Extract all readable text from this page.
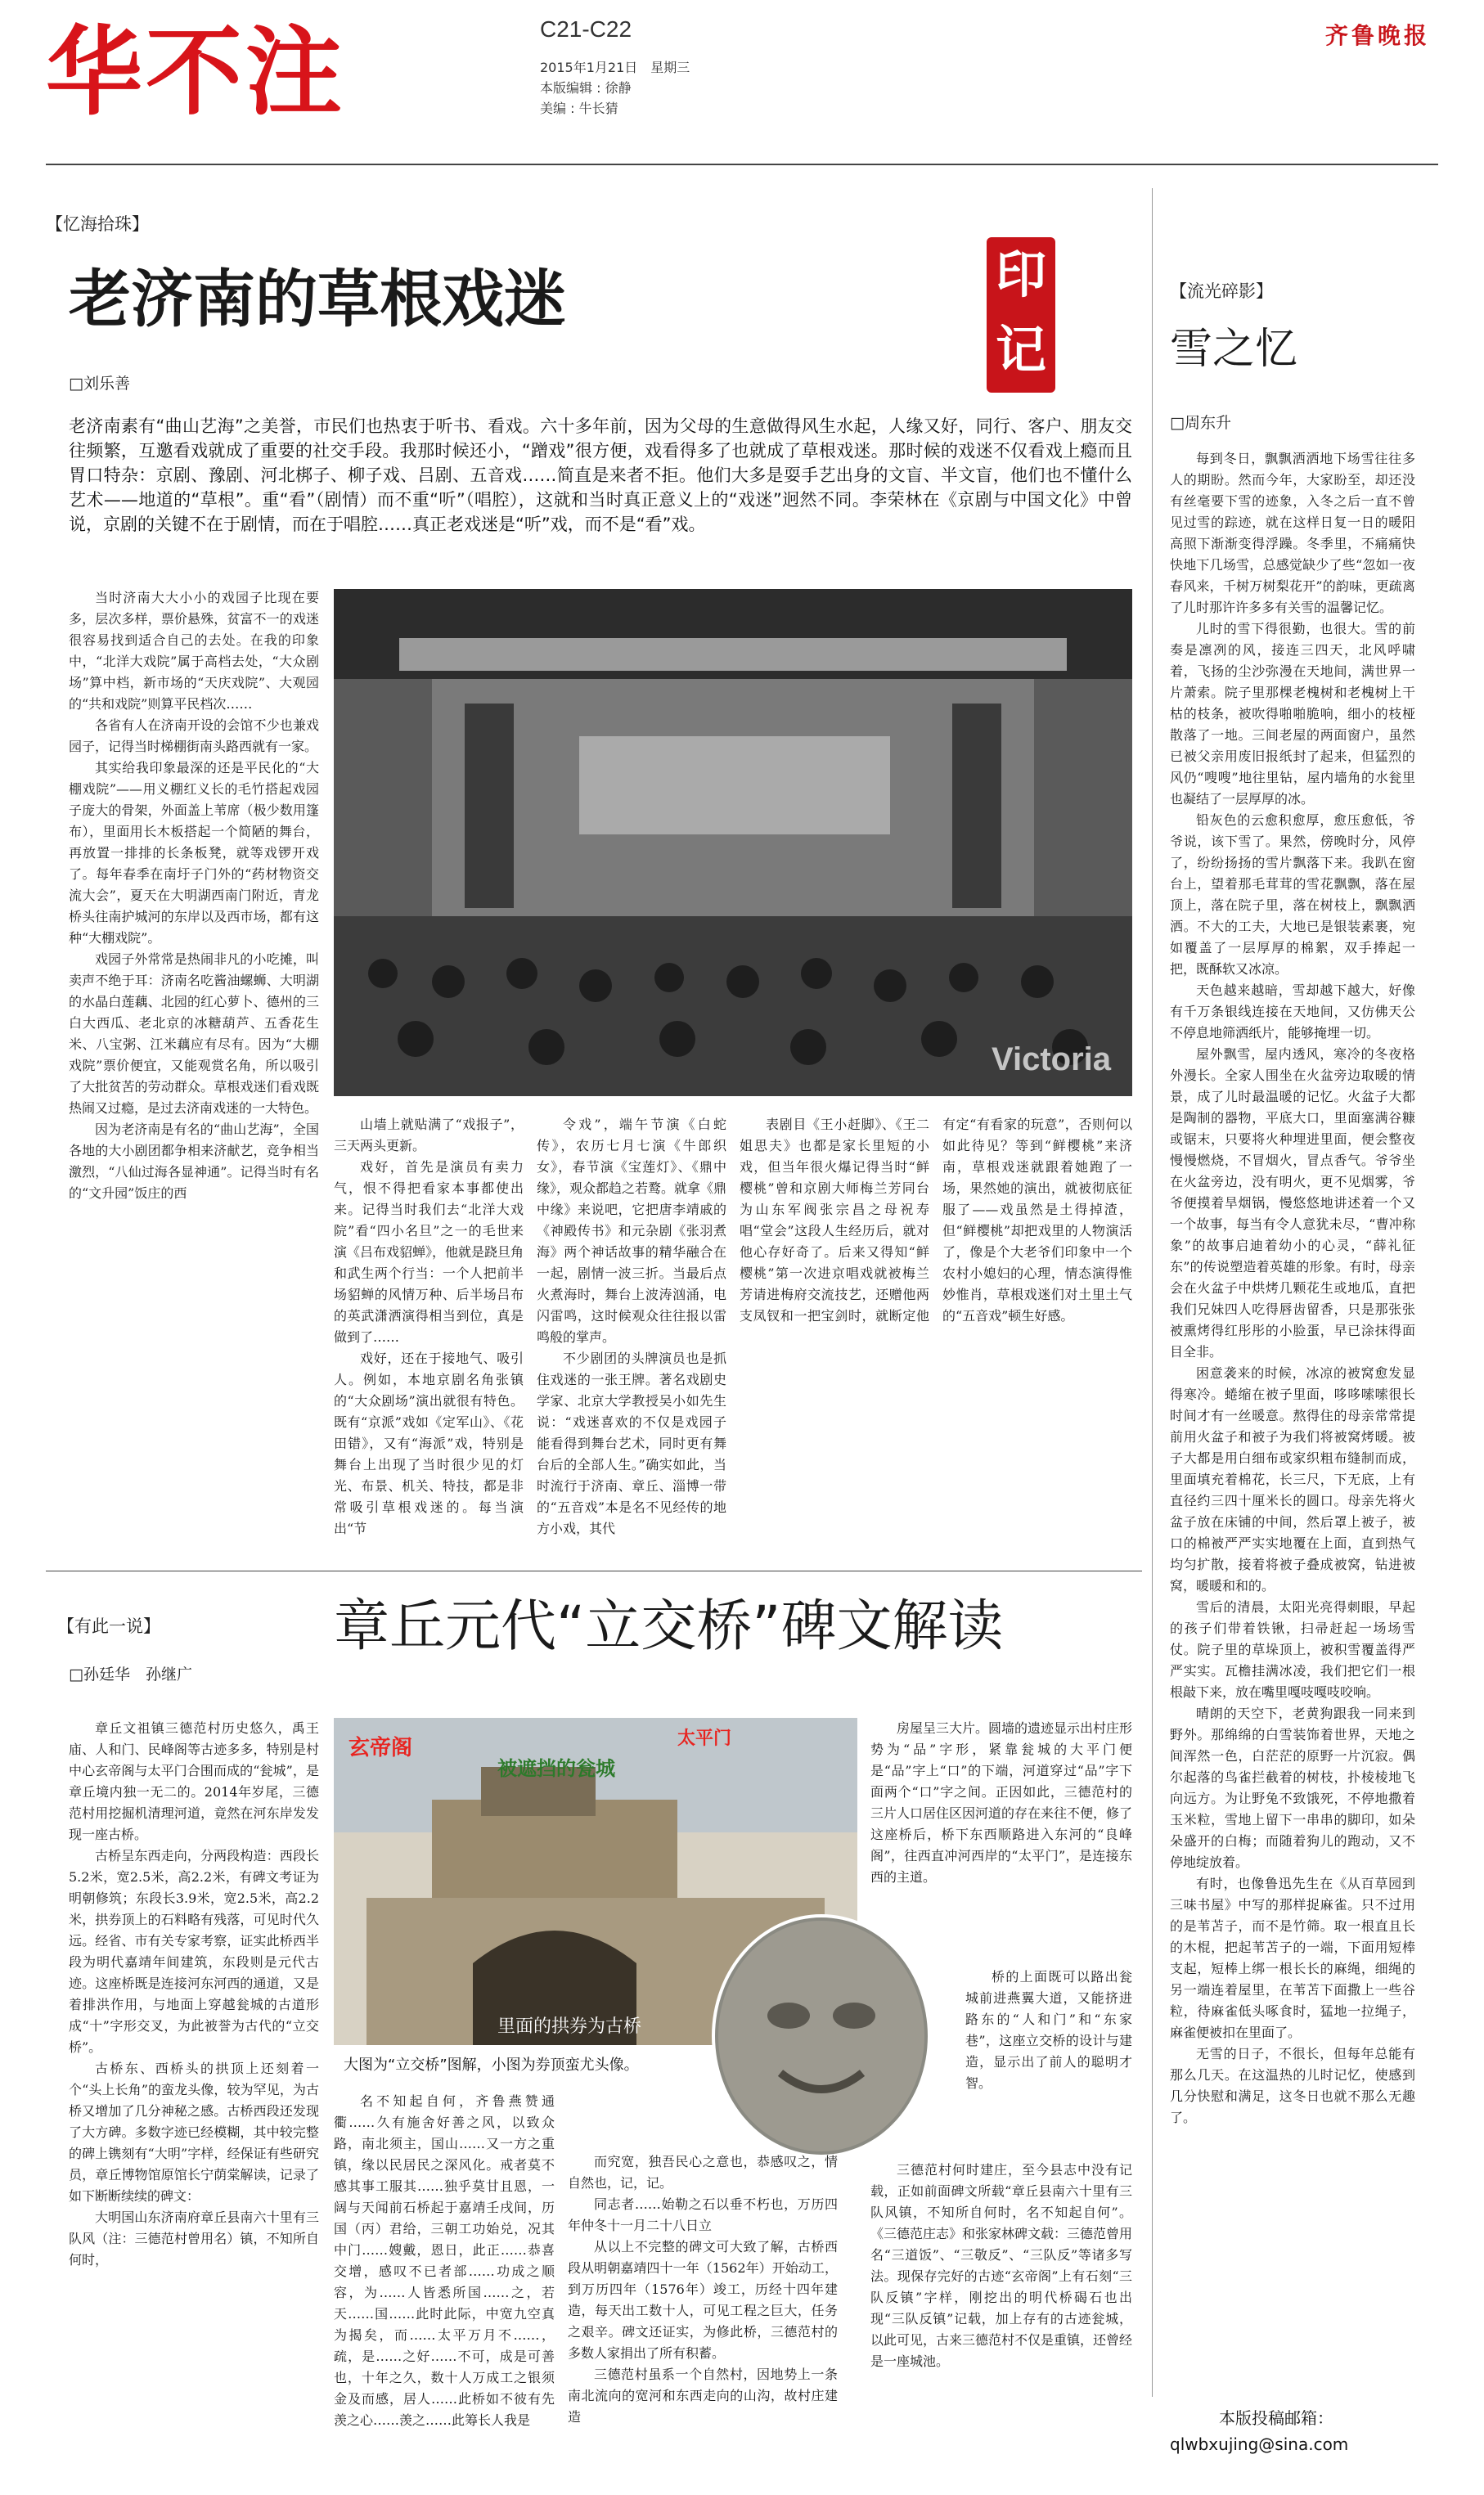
华不注	C21-C22
2015年1月21日　星期三
本版编辑 : 徐静
美编 : 牛长猜
齐鲁晚报
【忆海拾珠】
老济南的草根戏迷
□刘乐善
印记
老济南素有“曲山艺海”之美誉，市民们也热衷于听书、看戏。六十多年前，因为父母的生意做得风生水起，人缘又好，同行、客户、朋友交往频繁，互邀看戏就成了重要的社交手段。我那时候还小，“蹭戏”很方便，戏看得多了也就成了草根戏迷。那时候的戏迷不仅看戏上瘾而且胃口特杂：京剧、豫剧、河北梆子、柳子戏、吕剧、五音戏……简直是来者不拒。他们大多是耍手艺出身的文盲、半文盲，他们也不懂什么艺术——地道的“草根”。重“看”（剧情）而不重“听”（唱腔），这就和当时真正意义上的“戏迷”迥然不同。李荣林在《京剧与中国文化》中曾说，京剧的关键不在于剧情，而在于唱腔……真正老戏迷是“听”戏，而不是“看”戏。
Victoria

当时济南大大小小的戏园子比现在要多，层次多样，票价悬殊，贫富不一的戏迷很容易找到适合自己的去处。在我的印象中，“北洋大戏院”属于高档去处，“大众剧场”算中档，新市场的“天庆戏院”、大观园的“共和戏院”则算平民档次……

各省有人在济南开设的会馆不少也兼戏园子，记得当时梯棚街南头路西就有一家。

其实给我印象最深的还是平民化的“大棚戏院”——用义棚红义长的毛竹搭起戏园子庞大的骨架，外面盖上苇席（极少数用篷布），里面用长木板搭起一个简陋的舞台，再放置一排排的长条板凳，就等戏锣开戏了。每年春季在南圩子门外的“药材物资交流大会”，夏天在大明湖西南门附近，青龙桥头往南护城河的东岸以及西市场，都有这种“大棚戏院”。

戏园子外常常是热闹非凡的小吃摊，叫卖声不绝于耳：济南名吃酱油螺蛳、大明湖的水晶白莲藕、北园的红心萝卜、德州的三白大西瓜、老北京的冰糖葫芦、五香花生米、八宝粥、江米藕应有尽有。因为“大棚戏院”票价便宜，又能观赏名角，所以吸引了大批贫苦的劳动群众。草根戏迷们看戏既热闹又过瘾，是过去济南戏迷的一大特色。

因为老济南是有名的“曲山艺海”，全国各地的大小剧团都争相来济献艺，竞争相当激烈，“八仙过海各显神通”。记得当时有名的“文升园”饭庄的西

山墙上就贴满了“戏报子”，三天两头更新。

戏好，首先是演员有卖力气，恨不得把看家本事都使出来。记得当时我们去“北洋大戏院”看“四小名旦”之一的毛世来演《吕布戏貂蝉》，他就是跷旦角和武生两个行当：一个人把前半场貂蝉的风情万种、后半场吕布的英武潇洒演得相当到位，真是做到了……

戏好，还在于接地气、吸引人。例如，本地京剧名角张镇的“大众剧场”演出就很有特色。既有“京派”戏如《定军山》、《花田错》，又有“海派”戏，特别是舞台上出现了当时很少见的灯光、布景、机关、特技，都是非常吸引草根戏迷的。每当演出“节

令戏”，端午节演《白蛇传》，农历七月七演《牛郎织女》，春节演《宝莲灯》、《鼎中缘》，观众都趋之若鹜。就拿《鼎中缘》来说吧，它把唐李靖戚的《神殿传书》和元杂剧《张羽煮海》两个神话故事的精华融合在一起，剧情一波三折。当最后点火煮海时，舞台上波涛汹涌，电闪雷鸣，这时候观众往往报以雷鸣般的掌声。

不少剧团的头牌演员也是抓住戏迷的一张王牌。著名戏剧史学家、北京大学教授吴小如先生说：“戏迷喜欢的不仅是戏园子能看得到舞台艺术，同时更有舞台后的全部人生。”确实如此，当时流行于济南、章丘、淄博一带的“五音戏”本是名不见经传的地方小戏，其代

表剧目《王小赶脚》、《王二姐思夫》也都是家长里短的小戏，但当年很火爆记得当时“鲜樱桃”曾和京剧大师梅兰芳同台为山东军阀张宗昌之母祝寿唱“堂会”这段人生经历后，就对他心存好奇了。后来又得知“鲜樱桃”第一次进京唱戏就被梅兰芳请进梅府交流技艺，还赠他两支凤钗和一把宝剑时，就断定他有定“有看家的玩意”，否则何以如此待见？等到“鲜樱桃”来济南，草根戏迷就跟着她跑了一场，果然她的演出，就被彻底征服了——戏虽然是土得掉渣，但“鲜樱桃”却把戏里的人物演活了，像是个大老爷们印象中一个农村小媳妇的心理，情态演得惟妙惟肖，草根戏迷们对土里土气的“五音戏”顿生好感。

【有此一说】	章丘元代“立交桥”碑文解读
□孙廷华　孙继广

章丘文祖镇三德范村历史悠久，禹王庙、人和门、民峰阁等古迹多多，特别是村中心玄帝阁与太平门合围而成的“瓮城”，是章丘境内独一无二的。2014年岁尾，三德范村用挖掘机清理河道，竟然在河东岸发发现一座古桥。

古桥呈东西走向，分两段构造：西段长5.2米，宽2.5米，高2.2米，有碑文考证为明朝修筑；东段长3.9米，宽2.5米，高2.2米，拱券顶上的石料略有残落，可见时代久远。经省、市有关专家考察，证实此桥西半段为明代嘉靖年间建筑，东段则是元代古迹。这座桥既是连接河东河西的通道，又是着排洪作用，与地面上穿越瓮城的古道形成“十”字形交叉，为此被誉为古代的“立交桥”。

古桥东、西桥头的拱顶上还刻着一个“头上长角”的蛮龙头像，较为罕见，为古桥又增加了几分神秘之感。古桥西段还发现了大方碑。多数字迹已经模糊，其中较完整的碑上镌刻有“大明”字样，经保证有些研究员，章丘博物馆原馆长宁荫棠解读，记录了如下断断续续的碑文：

大明国山东济南府章丘县南六十里有三队风（注：三德范村曾用名）镇，不知所自何时，

玄帝阁	太平门
被遮挡的瓮城
里面的拱券为古桥
大图为“立交桥”图解，小图为券顶蛮尤头像。

名不知起自何，齐鲁燕赞通衢……久有施舍好善之风，以致众路，南北须主，国山……又一方之重镇，缘以民居民之深风化。戒者莫不感其事工服其……独乎莫甘且恩，一阔与天闻前石桥起于嘉靖壬戌间，历国（丙）君给，三朝工功始兑，况其中门……嫂戴，恩日，此正……恭喜交增，感叹不已者部……功成之顺容，为……人皆悉所国……之，若天……国……此时此际，中宽九空真为揭矣，而……太平万月不……，疏，是……之好……不可，成是可善也，十年之久，数十人万成工之银须金及而感，居人……此桥如不彼有先羡之心……羡之……此筹长人我是

而究宽，独吾民心之意也，恭感叹之，情自然也，记，记。

同志者……始勒之石以垂不朽也，万历四年仲冬十一月二十八日立

从以上不完整的碑文可大致了解，古桥西段从明朝嘉靖四十一年（1562年）开始动工，到万历四年（1576年）竣工，历经十四年建造，每天出工数十人，可见工程之巨大，任务之艰辛。碑文还证实，为修此桥，三德范村的多数人家捐出了所有积蓄。

三德范村虽系一个自然村，因地势上一条南北流向的宽河和东西走向的山沟，故村庄建造

房屋呈三大片。圆墙的遗迹显示出村庄形势为“品”字形，紧靠瓮城的大平门便是“品”字上“口”的下端，河道穿过“品”字下面两个“口”字之间。正因如此，三德范村的三片人口居住区因河道的存在来往不便，修了这座桥后，桥下东西顺路进入东河的“良峰阁”，往西直冲河西岸的“太平门”，是连接东西的主道。

桥的上面既可以路出瓮城前进燕翼大道，又能挤进路东的“人和门”和“东家巷”，这座立交桥的设计与建造，显示出了前人的聪明才智。

三德范村何时建庄，至今县志中没有记载，正如前面碑文所载“章丘县南六十里有三队风镇，不知所自何时，名不知起自何”。《三德范庄志》和张家林碑文载：三德范曾用名“三道饭”、“三敬反”、“三队反”等诸多写法。现保存完好的古迹“玄帝阁”上有石刻“三队反镇”字样，刚挖出的明代桥碣石也出现“三队反镇”记载，加上存有的古迹瓮城，以此可见，古来三德范村不仅是重镇，还曾经是一座城池。

【流光碎影】
雪之忆
□周东升

每到冬日，飘飘洒洒地下场雪往往多人的期盼。然而今年，大家盼至，却还没有丝毫要下雪的迹象，入冬之后一直不曾见过雪的踪迹，就在这样日复一日的暖阳高照下渐渐变得浮躁。冬季里，不痛痛快快地下几场雪，总感觉缺少了些“忽如一夜春风来，千树万树梨花开”的韵味，更疏离了儿时那许许多多有关雪的温馨记忆。

儿时的雪下得很勤，也很大。雪的前奏是凛冽的风，接连三四天，北风呼啸着，飞扬的尘沙弥漫在天地间，满世界一片萧索。院子里那棵老槐树和老槐树上干枯的枝条，被吹得啪啪脆响，细小的枝桠散落了一地。三间老屋的两面窗户，虽然已被父亲用废旧报纸封了起来，但猛烈的风仍“嗖嗖”地往里钻，屋内墙角的水瓮里也凝结了一层厚厚的冰。

铅灰色的云愈积愈厚，愈压愈低，爷爷说，该下雪了。果然，傍晚时分，风停了，纷纷扬扬的雪片飘落下来。我趴在窗台上，望着那毛茸茸的雪花飘飘，落在屋顶上，落在院子里，落在树枝上，飘飘洒洒。不大的工夫，大地已是银装素裹，宛如覆盖了一层厚厚的棉絮，双手捧起一把，既酥软又冰凉。

天色越来越暗，雪却越下越大，好像有千万条银线连接在天地间，又仿佛天公不停息地筛洒纸片，能够掩埋一切。

屋外飘雪，屋内透风，寒冷的冬夜格外漫长。全家人围坐在火盆旁边取暖的情景，成了儿时最温暖的记忆。火盆子大都是陶制的器物，平底大口，里面塞满谷糠或锯末，只要将火种埋进里面，便会整夜慢慢燃烧，不冒烟火，冒点香气。爷爷坐在火盆旁边，没有明火，更不见烟雾，爷爷便摸着旱烟锅，慢悠悠地讲述着一个又一个故事，每当有令人意犹未尽，“曹冲称象”的故事启迪着幼小的心灵，“薛礼征东”的传说塑造着英雄的形象。有时，母亲会在火盆子中烘烤几颗花生或地瓜，直把我们兄妹四人吃得唇齿留香，只是那张张被熏烤得红彤彤的小脸蛋，早已涂抹得面目全非。

困意袭来的时候，冰凉的被窝愈发显得寒冷。蜷缩在被子里面，哆哆嗦嗦很长时间才有一丝暖意。熬得住的母亲常常提前用火盆子和被子为我们将被窝烤暖。被子大都是用白细布或家织粗布缝制而成，里面填充着棉花，长三尺，下无底，上有直径约三四十厘米长的圆口。母亲先将火盆子放在床铺的中间，然后罩上被子，被口的棉被严严实实地覆在上面，直到热气均匀扩散，接着将被子叠成被窝，钻进被窝，暖暖和和的。

雪后的清晨，太阳光亮得刺眼，早起的孩子们带着铁锹，扫帚赶起一场场雪仗。院子里的草垛顶上，被积雪覆盖得严严实实。瓦檐挂满冰凌，我们把它们一根根敲下来，放在嘴里嘎吱嘎吱咬响。

晴朗的天空下，老黄狗跟我一同来到野外。那绵绵的白雪装饰着世界，天地之间浑然一色，白茫茫的原野一片沉寂。偶尔起落的鸟雀拦截着的树枝，扑棱棱地飞向远方。为让野兔不致饿死，不停地撒着玉米粒，雪地上留下一串串的脚印，如朵朵盛开的白梅；而随着狗儿的跑动，又不停地绽放着。

有时，也像鲁迅先生在《从百草园到三味书屋》中写的那样捉麻雀。只不过用的是苇苫子，而不是竹筛。取一根直且长的木棍，把起苇苫子的一端，下面用短棒支起，短棒上绑一根长长的麻绳，细绳的另一端连着屋里，在苇苫下面撒上一些谷粒，待麻雀低头啄食时，猛地一拉绳子，麻雀便被扣在里面了。

无雪的日子，不很长，但每年总能有那么几天。在这温热的儿时记忆，使感到几分快慰和满足，这冬日也就不那么无趣了。

本版投稿邮箱：
qlwbxujing@sina.com
